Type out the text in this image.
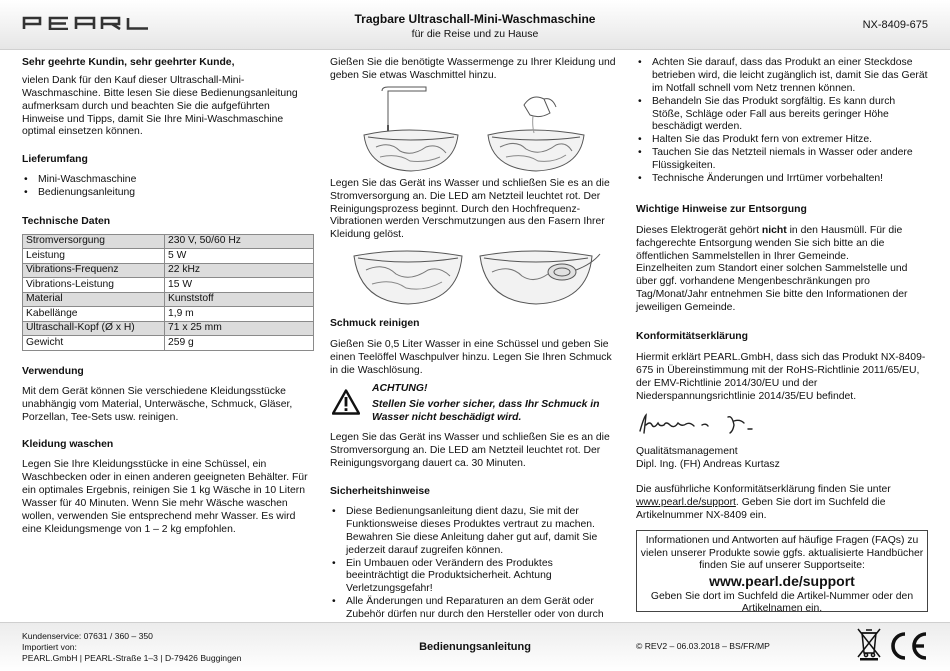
Tragbare Ultraschall-Mini-Waschmaschine
für die Reise und zu Hause
NX-8409-675
Sehr geehrte Kundin, sehr geehrter Kunde,

vielen Dank für den Kauf dieser Ultraschall-Mini-Waschmaschine. Bitte lesen Sie diese Bedienungsanleitung aufmerksam durch und beachten Sie die aufgeführten Hinweise und Tipps, damit Sie Ihre Mini-Waschmaschine optimal einsetzen können.

Lieferumfang
• Mini-Waschmaschine
• Bedienungsanleitung
Technische Daten
Stromversorgung	230 V, 50/60 Hz
Leistung	5 W
Vibrations-Frequenz	22 kHz
Vibrations-Leistung	15 W
Material	Kunststoff
Kabellänge	1,9 m
Ultraschall-Kopf (Ø x H)	71 x 25 mm
Gewicht	259 g
Verwendung

Mit dem Gerät können Sie verschiedene Kleidungsstücke unabhängig vom Material, Unterwäsche, Schmuck, Gläser, Porzellan, Tee-Sets usw. reinigen.

Kleidung waschen

Legen Sie Ihre Kleidungsstücke in eine Schüssel, ein Waschbecken oder in einen anderen geeigneten Behälter. Für ein optimales Ergebnis, reinigen Sie 1 kg Wäsche in 10 Litern Wasser für 40 Minuten. Wenn Sie mehr Wäsche waschen wollen, verwenden Sie entsprechend mehr Wasser. Es wird eine Kleidungsmenge von 1 – 2 kg empfohlen.

Gießen Sie die benötigte Wassermenge zu Ihrer Kleidung und geben Sie etwas Waschmittel hinzu.

Legen Sie das Gerät ins Wasser und schließen Sie es an die Stromversorgung an. Die LED am Netzteil leuchtet rot. Der Reinigungsprozess beginnt. Durch den Hochfrequenz-Vibrationen werden Verschmutzungen aus den Fasern Ihrer Kleidung gelöst.

Schmuck reinigen

Gießen Sie 0,5 Liter Wasser in eine Schüssel und geben Sie einen Teelöffel Waschpulver hinzu. Legen Sie Ihren Schmuck in die Waschlösung.

ACHTUNG!
Stellen Sie vorher sicher, dass Ihr Schmuck in Wasser nicht beschädigt wird.

Legen Sie das Gerät ins Wasser und schließen Sie es an die Stromversorgung an. Die LED am Netzteil leuchtet rot. Der Reinigungsvorgang dauert ca. 30 Minuten.

Sicherheitshinweise
• Diese Bedienungsanleitung dient dazu, Sie mit der Funktionsweise dieses Produktes vertraut zu machen. Bewahren Sie diese Anleitung daher gut auf, damit Sie jederzeit darauf zugreifen können.
• Ein Umbauen oder Verändern des Produktes beeinträchtigt die Produktsicherheit. Achtung Verletzungsgefahr!
• Alle Änderungen und Reparaturen an dem Gerät oder Zubehör dürfen nur durch den Hersteller oder von durch
• Achten Sie darauf, dass das Produkt an einer Steckdose betrieben wird, die leicht zugänglich ist, damit Sie das Gerät im Notfall schnell vom Netz trennen können.
• Behandeln Sie das Produkt sorgfältig. Es kann durch Stöße, Schläge oder Fall aus bereits geringer Höhe beschädigt werden.
• Halten Sie das Produkt fern von extremer Hitze.
• Tauchen Sie das Netzteil niemals in Wasser oder andere Flüssigkeiten.
• Technische Änderungen und Irrtümer vorbehalten!
Wichtige Hinweise zur Entsorgung

Dieses Elektrogerät gehört nicht in den Hausmüll. Für die fachgerechte Entsorgung wenden Sie sich bitte an die öffentlichen Sammelstellen in Ihrer Gemeinde.

Einzelheiten zum Standort einer solchen Sammelstelle und über ggf. vorhandene Mengenbeschränkungen pro Tag/Monat/Jahr entnehmen Sie bitte den Informationen der jeweiligen Gemeinde.

Konformitätserklärung

Hiermit erklärt PEARL.GmbH, dass sich das Produkt NX-8409-675 in Übereinstimmung mit der RoHS-Richtlinie 2011/65/EU, der EMV-Richtlinie 2014/30/EU und der Niederspannungsrichtlinie 2014/35/EU befindet.

Qualitätsmanagement

Dipl. Ing. (FH) Andreas Kurtasz

Die ausführliche Konformitätserklärung finden Sie unter www.pearl.de/support. Geben Sie dort im Suchfeld die Artikelnummer NX-8409 ein.

Informationen und Antworten auf häufige Fragen (FAQs) zu vielen unserer Produkte sowie ggfs. aktualisierte Handbücher finden Sie auf unserer Supportseite:
www.pearl.de/support
Geben Sie dort im Suchfeld die Artikel-Nummer oder den Artikelnamen ein.
Kundenservice: 07631 / 360 – 350
Importiert von:
PEARL.GmbH | PEARL-Straße 1–3 | D-79426 Buggingen
Bedienungsanleitung	© REV2 – 06.03.2018 – BS/FR/MP
